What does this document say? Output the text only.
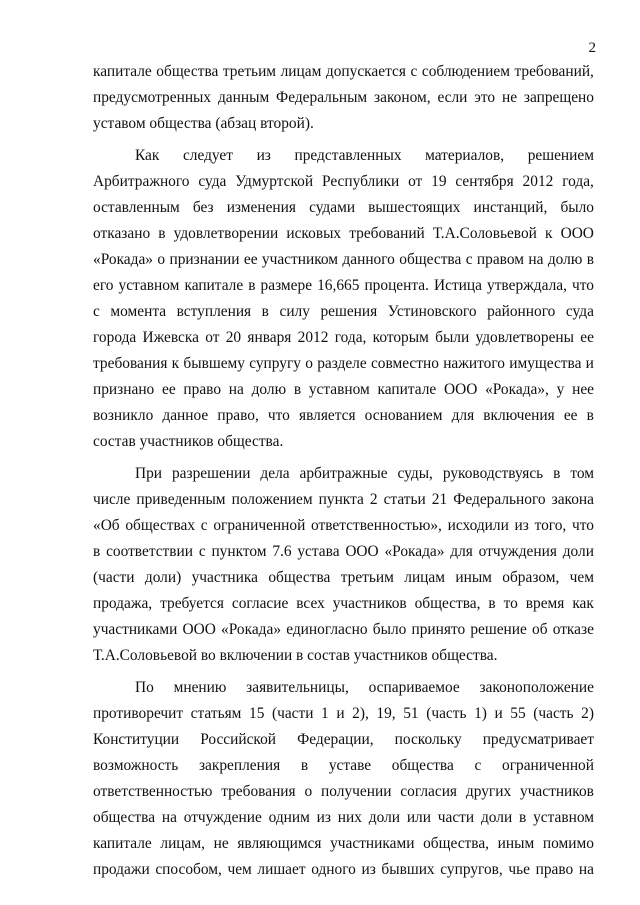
2
капитале общества третьим лицам допускается с соблюдением требований,
предусмотренных данным Федеральным законом, если это не запрещено
уставом общества (абзац второй).
Как следует из представленных материалов, решением
Арбитражного суда Удмуртской Республики от 19 сентября 2012 года,
оставленным без изменения судами вышестоящих инстанций, было
отказано в удовлетворении исковых требований Т.А.Соловьевой к ООО
«Рокада» о признании ее участником данного общества с правом на долю в
его уставном капитале в размере 16,665 процента. Истица утверждала, что
с момента вступления в силу решения Устиновского районного суда
города Ижевска от 20 января 2012 года, которым были удовлетворены ее
требования к бывшему супругу о разделе совместно нажитого имущества и
признано ее право на долю в уставном капитале ООО «Рокада», у нее
возникло данное право, что является основанием для включения ее в
состав участников общества.
При разрешении дела арбитражные суды, руководствуясь в том
числе приведенным положением пункта 2 статьи 21 Федерального закона
«Об обществах с ограниченной ответственностью», исходили из того, что
в соответствии с пунктом 7.6 устава ООО «Рокада» для отчуждения доли
(части доли) участника общества третьим лицам иным образом, чем
продажа, требуется согласие всех участников общества, в то время как
участниками ООО «Рокада» единогласно было принято решение об отказе
Т.А.Соловьевой во включении в состав участников общества.
По мнению заявительницы, оспариваемое законоположение
противоречит статьям 15 (части 1 и 2), 19, 51 (часть 1) и 55 (часть 2)
Конституции Российской Федерации, поскольку предусматривает
возможность закрепления в уставе общества с ограниченной
ответственностью требования о получении согласия других участников
общества на отчуждение одним из них доли или части доли в уставном
капитале лицам, не являющимся участниками общества, иным помимо
продажи способом, чем лишает одного из бывших супругов, чье право на
